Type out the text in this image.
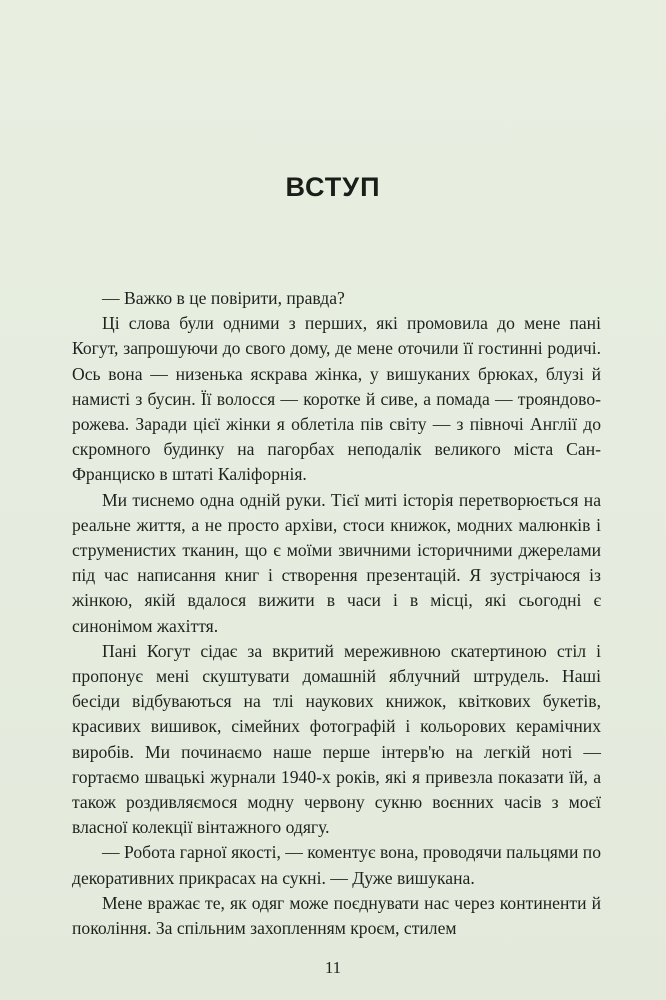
ВСТУП

— Важко в це повірити, правда?

Ці слова були одними з перших, які промовила до мене пані Когут, запрошуючи до свого дому, де мене оточили її гостинні родичі. Ось вона — низенька яскрава жінка, у вишуканих брюках, блузі й намисті з бусин. Її волосся — коротке й сиве, а помада — трояндово-рожева. Заради цієї жінки я облетіла пів світу — з півночі Англії до скромного будинку на пагорбах неподалік великого міста Сан-Франциско в штаті Каліфорнія.

Ми тиснемо одна одній руки. Тієї миті історія перетворюється на реальне життя, а не просто архіви, стоси книжок, модних малюнків і струменистих тканин, що є моїми звичними історичними джерелами під час написання книг і створення презентацій. Я зустрічаюся із жінкою, якій вдалося вижити в часи і в місці, які сьогодні є синонімом жахіття.

Пані Когут сідає за вкритий мереживною скатертиною стіл і пропонує мені скуштувати домашній яблучний штрудель. Наші бесіди відбуваються на тлі наукових книжок, квіткових букетів, красивих вишивок, сімейних фотографій і кольорових керамічних виробів. Ми починаємо наше перше інтерв'ю на легкій ноті — гортаємо швацькі журнали 1940-х років, які я привезла показати їй, а також роздивляємося модну червону сукню воєнних часів з моєї власної колекції вінтажного одягу.

— Робота гарної якості, — коментує вона, проводячи пальцями по декоративних прикрасах на сукні. — Дуже вишукана.

Мене вражає те, як одяг може поєднувати нас через континенти й покоління. За спільним захопленням кроєм, стилем

11
